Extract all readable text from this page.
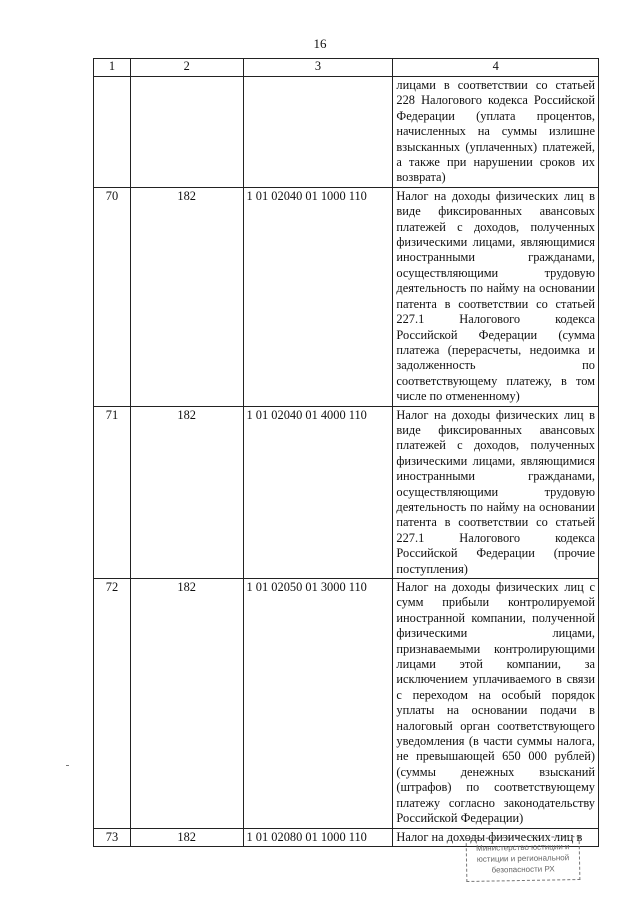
16
1	2	3	4
			лицами в соответствии со статьей 228 Налогового кодекса Российской Федерации (уплата процентов, начисленных на суммы излишне взысканных (уплаченных) платежей, а также при нарушении сроков их возврата)
70	182	1 01 02040 01 1000 110	Налог на доходы физических лиц в виде фиксированных авансовых платежей с доходов, полученных физическими лицами, являющимися иностранными гражданами, осуществляющими трудовую деятельность по найму на основании патента в соответствии со статьей 227.1 Налогового кодекса Российской Федерации (сумма платежа (перерасчеты, недоимка и задолженность по соответствующему платежу, в том числе по отмененному)
71	182	1 01 02040 01 4000 110	Налог на доходы физических лиц в виде фиксированных авансовых платежей с доходов, полученных физическими лицами, являющимися иностранными гражданами, осуществляющими трудовую деятельность по найму на основании патента в соответствии со статьей 227.1 Налогового кодекса Российской Федерации (прочие поступления)
72	182	1 01 02050 01 3000 110	Налог на доходы физических лиц с сумм прибыли контролируемой иностранной компании, полученной физическими лицами, признаваемыми контролирующими лицами этой компании, за исключением уплачиваемого в связи с переходом на особый порядок уплаты на основании подачи в налоговый орган соответствующего уведомления (в части суммы налога, не превышающей 650 000 рублей) (суммы денежных взысканий (штрафов) по соответствующему платежу согласно законодательству Российской Федерации)
73	182	1 01 02080 01 1000 110	Налог на доходы физических лиц в
Министерство юстиции и
юстиции и региональной
безопасности РХ
